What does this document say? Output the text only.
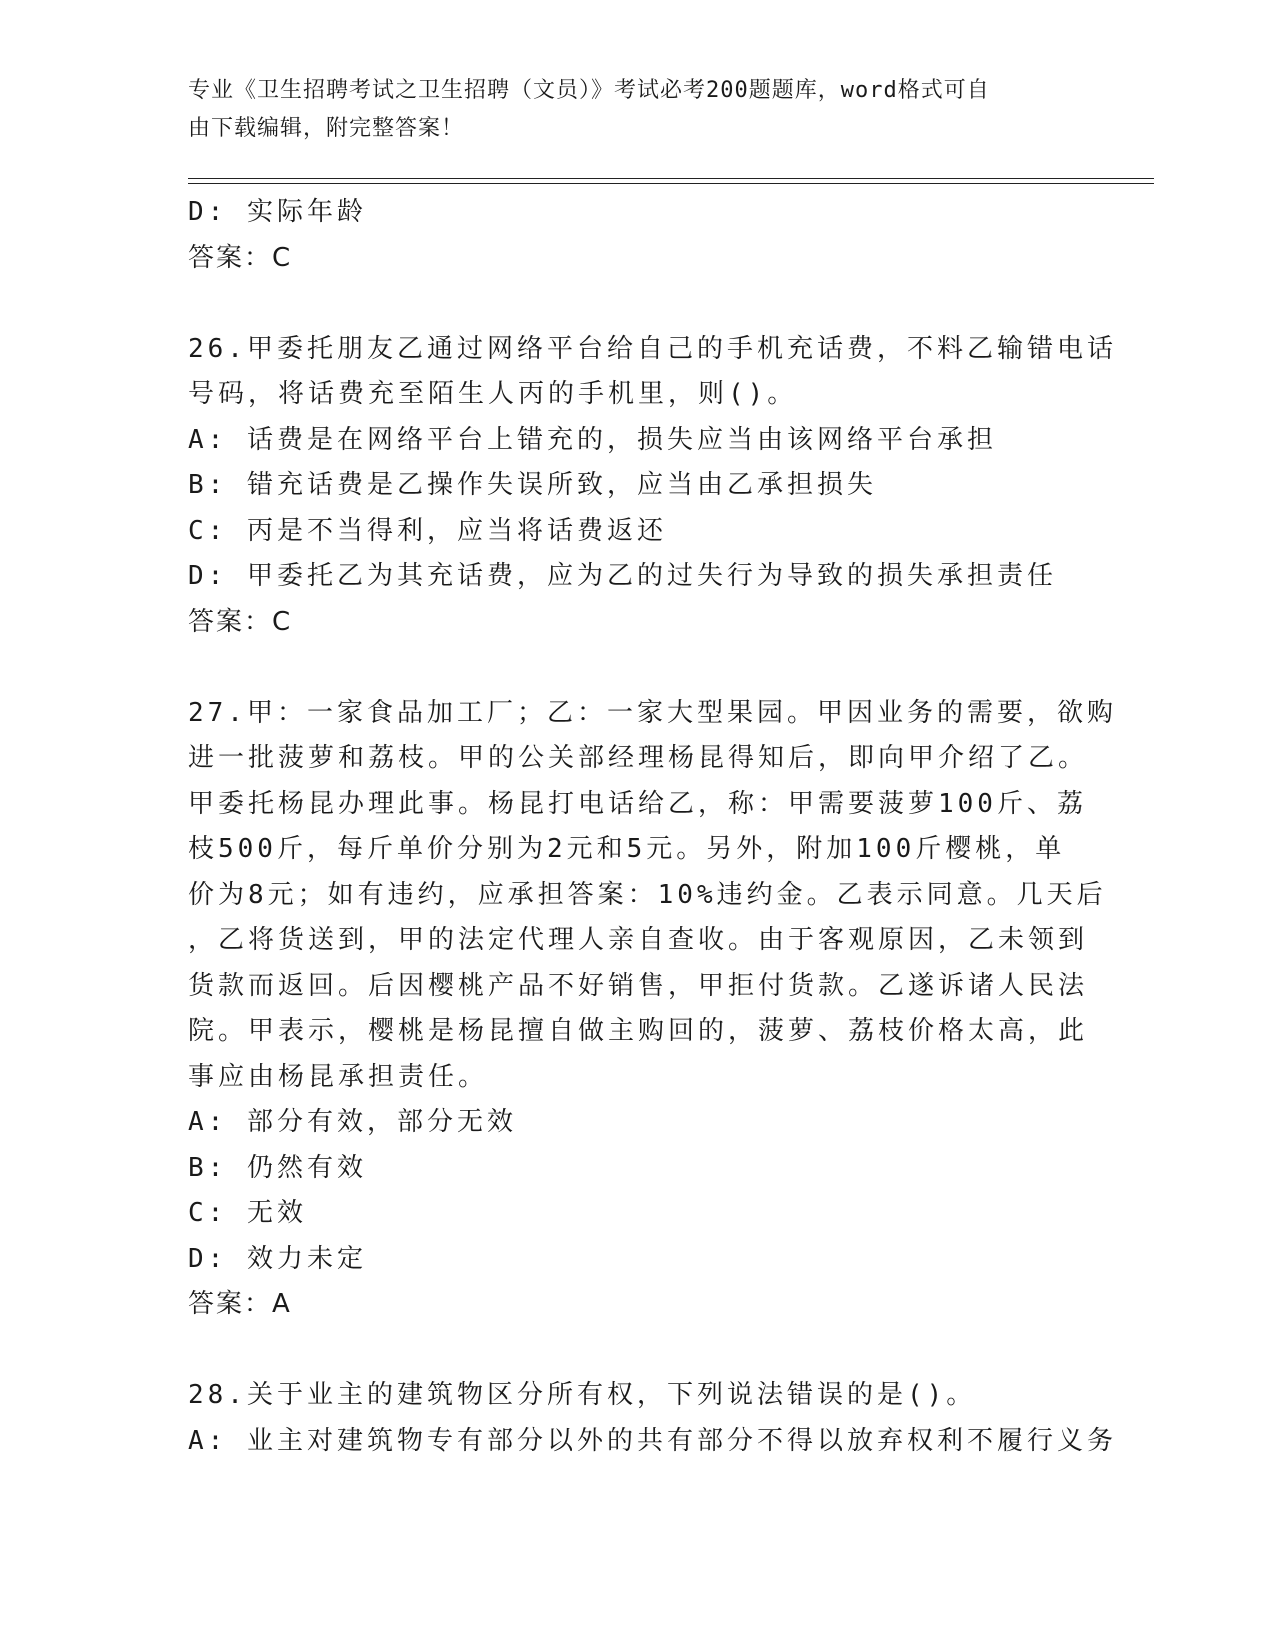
专业《卫生招聘考试之卫生招聘（文员）》考试必考200题题库，word格式可自
由下载编辑，附完整答案！
D: 实际年龄
答案：C
26.甲委托朋友乙通过网络平台给自己的手机充话费，不料乙输错电话
号码，将话费充至陌生人丙的手机里，则()。
A: 话费是在网络平台上错充的，损失应当由该网络平台承担
B: 错充话费是乙操作失误所致，应当由乙承担损失
C: 丙是不当得利，应当将话费返还
D: 甲委托乙为其充话费，应为乙的过失行为导致的损失承担责任
答案：C
27.甲：一家食品加工厂；乙：一家大型果园。甲因业务的需要，欲购
进一批菠萝和荔枝。甲的公关部经理杨昆得知后，即向甲介绍了乙。
甲委托杨昆办理此事。杨昆打电话给乙，称：甲需要菠萝100斤、荔
枝500斤，每斤单价分别为2元和5元。另外，附加100斤樱桃，单
价为8元；如有违约，应承担答案：10%违约金。乙表示同意。几天后
，乙将货送到，甲的法定代理人亲自查收。由于客观原因，乙未领到
货款而返回。后因樱桃产品不好销售，甲拒付货款。乙遂诉诸人民法
院。甲表示，樱桃是杨昆擅自做主购回的，菠萝、荔枝价格太高，此
事应由杨昆承担责任。
A: 部分有效，部分无效
B: 仍然有效
C: 无效
D: 效力未定
答案：A
28.关于业主的建筑物区分所有权，下列说法错误的是()。
A: 业主对建筑物专有部分以外的共有部分不得以放弃权利不履行义务
